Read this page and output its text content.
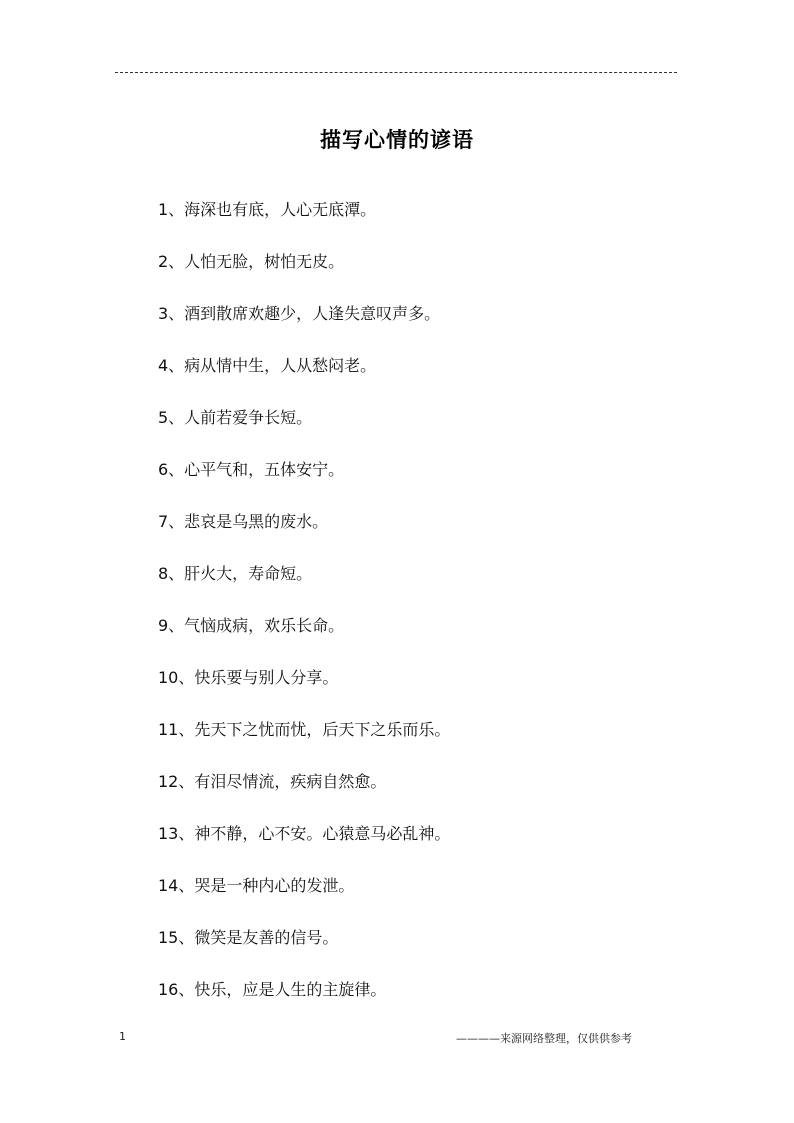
描写心情的谚语
1、海深也有底，人心无底潭。
2、人怕无脸，树怕无皮。
3、酒到散席欢趣少，人逢失意叹声多。
4、病从情中生，人从愁闷老。
5、人前若爱争长短。
6、心平气和，五体安宁。
7、悲哀是乌黑的废水。
8、肝火大，寿命短。
9、气恼成病，欢乐长命。
10、快乐要与别人分享。
11、先天下之忧而忧，后天下之乐而乐。
12、有泪尽情流，疾病自然愈。
13、神不静，心不安。心猿意马必乱神。
14、哭是一种内心的发泄。
15、微笑是友善的信号。
16、快乐，应是人生的主旋律。
1	————来源网络整理，仅供供参考
